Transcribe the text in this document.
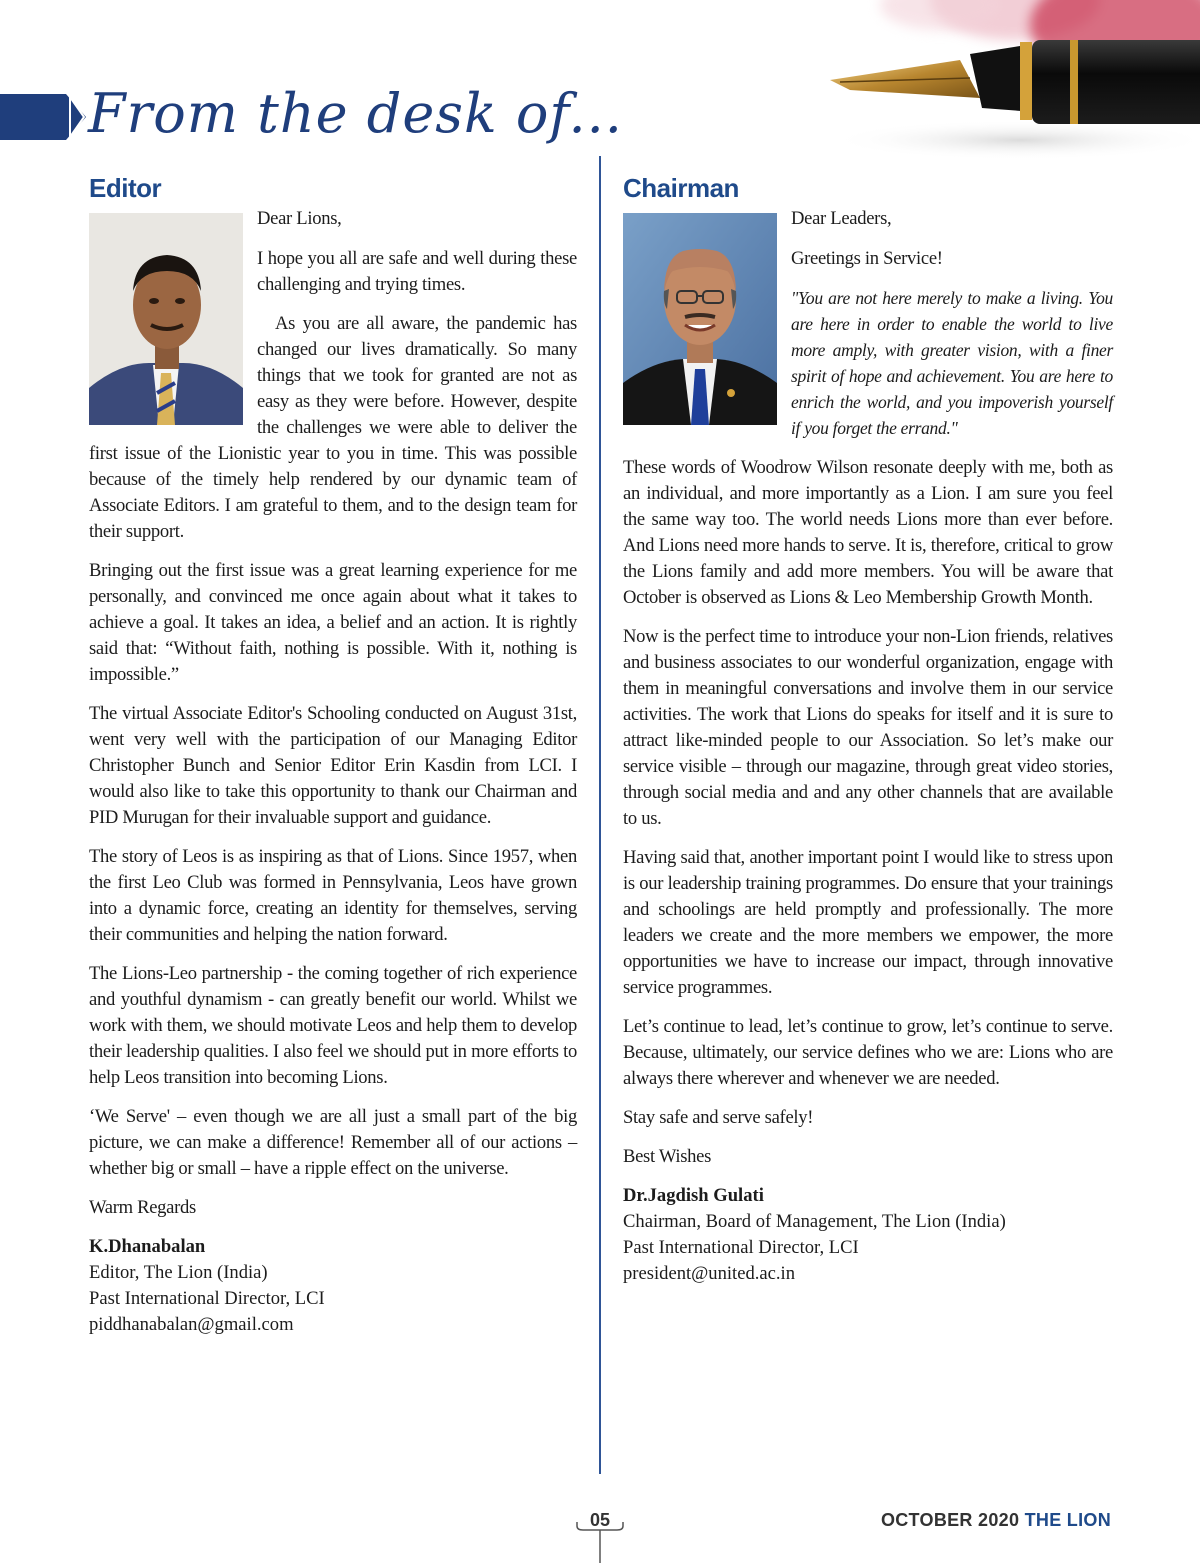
From the desk of...
Editor

Dear Lions,

I hope you all are safe and well during these challenging and trying times.

As you are all aware, the pandemic has changed our lives dramatically. So many things that we took for granted are not as easy as they were before. However, despite the challenges we were able to deliver the first issue of the Lionistic year to you in time. This was possible because of the timely help rendered by our dynamic team of Associate Editors. I am grateful to them, and to the design team for their support.

Bringing out the first issue was a great learning experience for me personally, and convinced me once again about what it takes to achieve a goal. It takes an idea, a belief and an action. It is rightly said that: “Without faith, nothing is possible. With it, nothing is impossible.”

The virtual Associate Editor's Schooling conducted on August 31st, went very well with the participation of our Managing Editor Christopher Bunch and Senior Editor Erin Kasdin from LCI. I would also like to take this opportunity to thank our Chairman and PID Murugan for their invaluable support and guidance.

The story of Leos is as inspiring as that of Lions. Since 1957, when the first Leo Club was formed in Pennsylvania, Leos have grown into a dynamic force, creating an identity for themselves, serving their communities and helping the nation forward.

The Lions-Leo partnership - the coming together of rich experience and youthful dynamism - can greatly benefit our world. Whilst we work with them, we should motivate Leos and help them to develop their leadership qualities. I also feel we should put in more efforts to help Leos transition into becoming Lions.

‘We Serve' – even though we are all just a small part of the big picture, we can make a difference! Remember all of our actions – whether big or small – have a ripple effect on the universe.

Warm Regards

K.Dhanabalan
Editor, The Lion (India)
Past International Director, LCI
piddhanabalan@gmail.com
Chairman

Dear Leaders,

Greetings in Service!

"You are not here merely to make a living. You are here in order to enable the world to live more amply, with greater vision, with a finer spirit of hope and achievement. You are here to enrich the world, and you impoverish yourself if you forget the errand."

These words of Woodrow Wilson resonate deeply with me, both as an individual, and more importantly as a Lion. I am sure you feel the same way too. The world needs Lions more than ever before. And Lions need more hands to serve. It is, therefore, critical to grow the Lions family and add more members. You will be aware that October is observed as Lions & Leo Membership Growth Month.

Now is the perfect time to introduce your non-Lion friends, relatives and business associates to our wonderful organization, engage with them in meaningful conversations and involve them in our service activities. The work that Lions do speaks for itself and it is sure to attract like-minded people to our Association. So let’s make our service visible – through our magazine, through great video stories, through social media and and any other channels that are available to us.

Having said that, another important point I would like to stress upon is our leadership training programmes. Do ensure that your trainings and schoolings are held promptly and professionally. The more leaders we create and the more members we empower, the more opportunities we have to increase our impact, through innovative service programmes.

Let’s continue to lead, let’s continue to grow, let’s continue to serve. Because, ultimately, our service defines who we are: Lions who are always there wherever and whenever we are needed.

Stay safe and serve safely!

Best Wishes

Dr.Jagdish Gulati
Chairman, Board of Management, The Lion (India)
Past International Director, LCI
president@united.ac.in
05	OCTOBER 2020 THE LION
